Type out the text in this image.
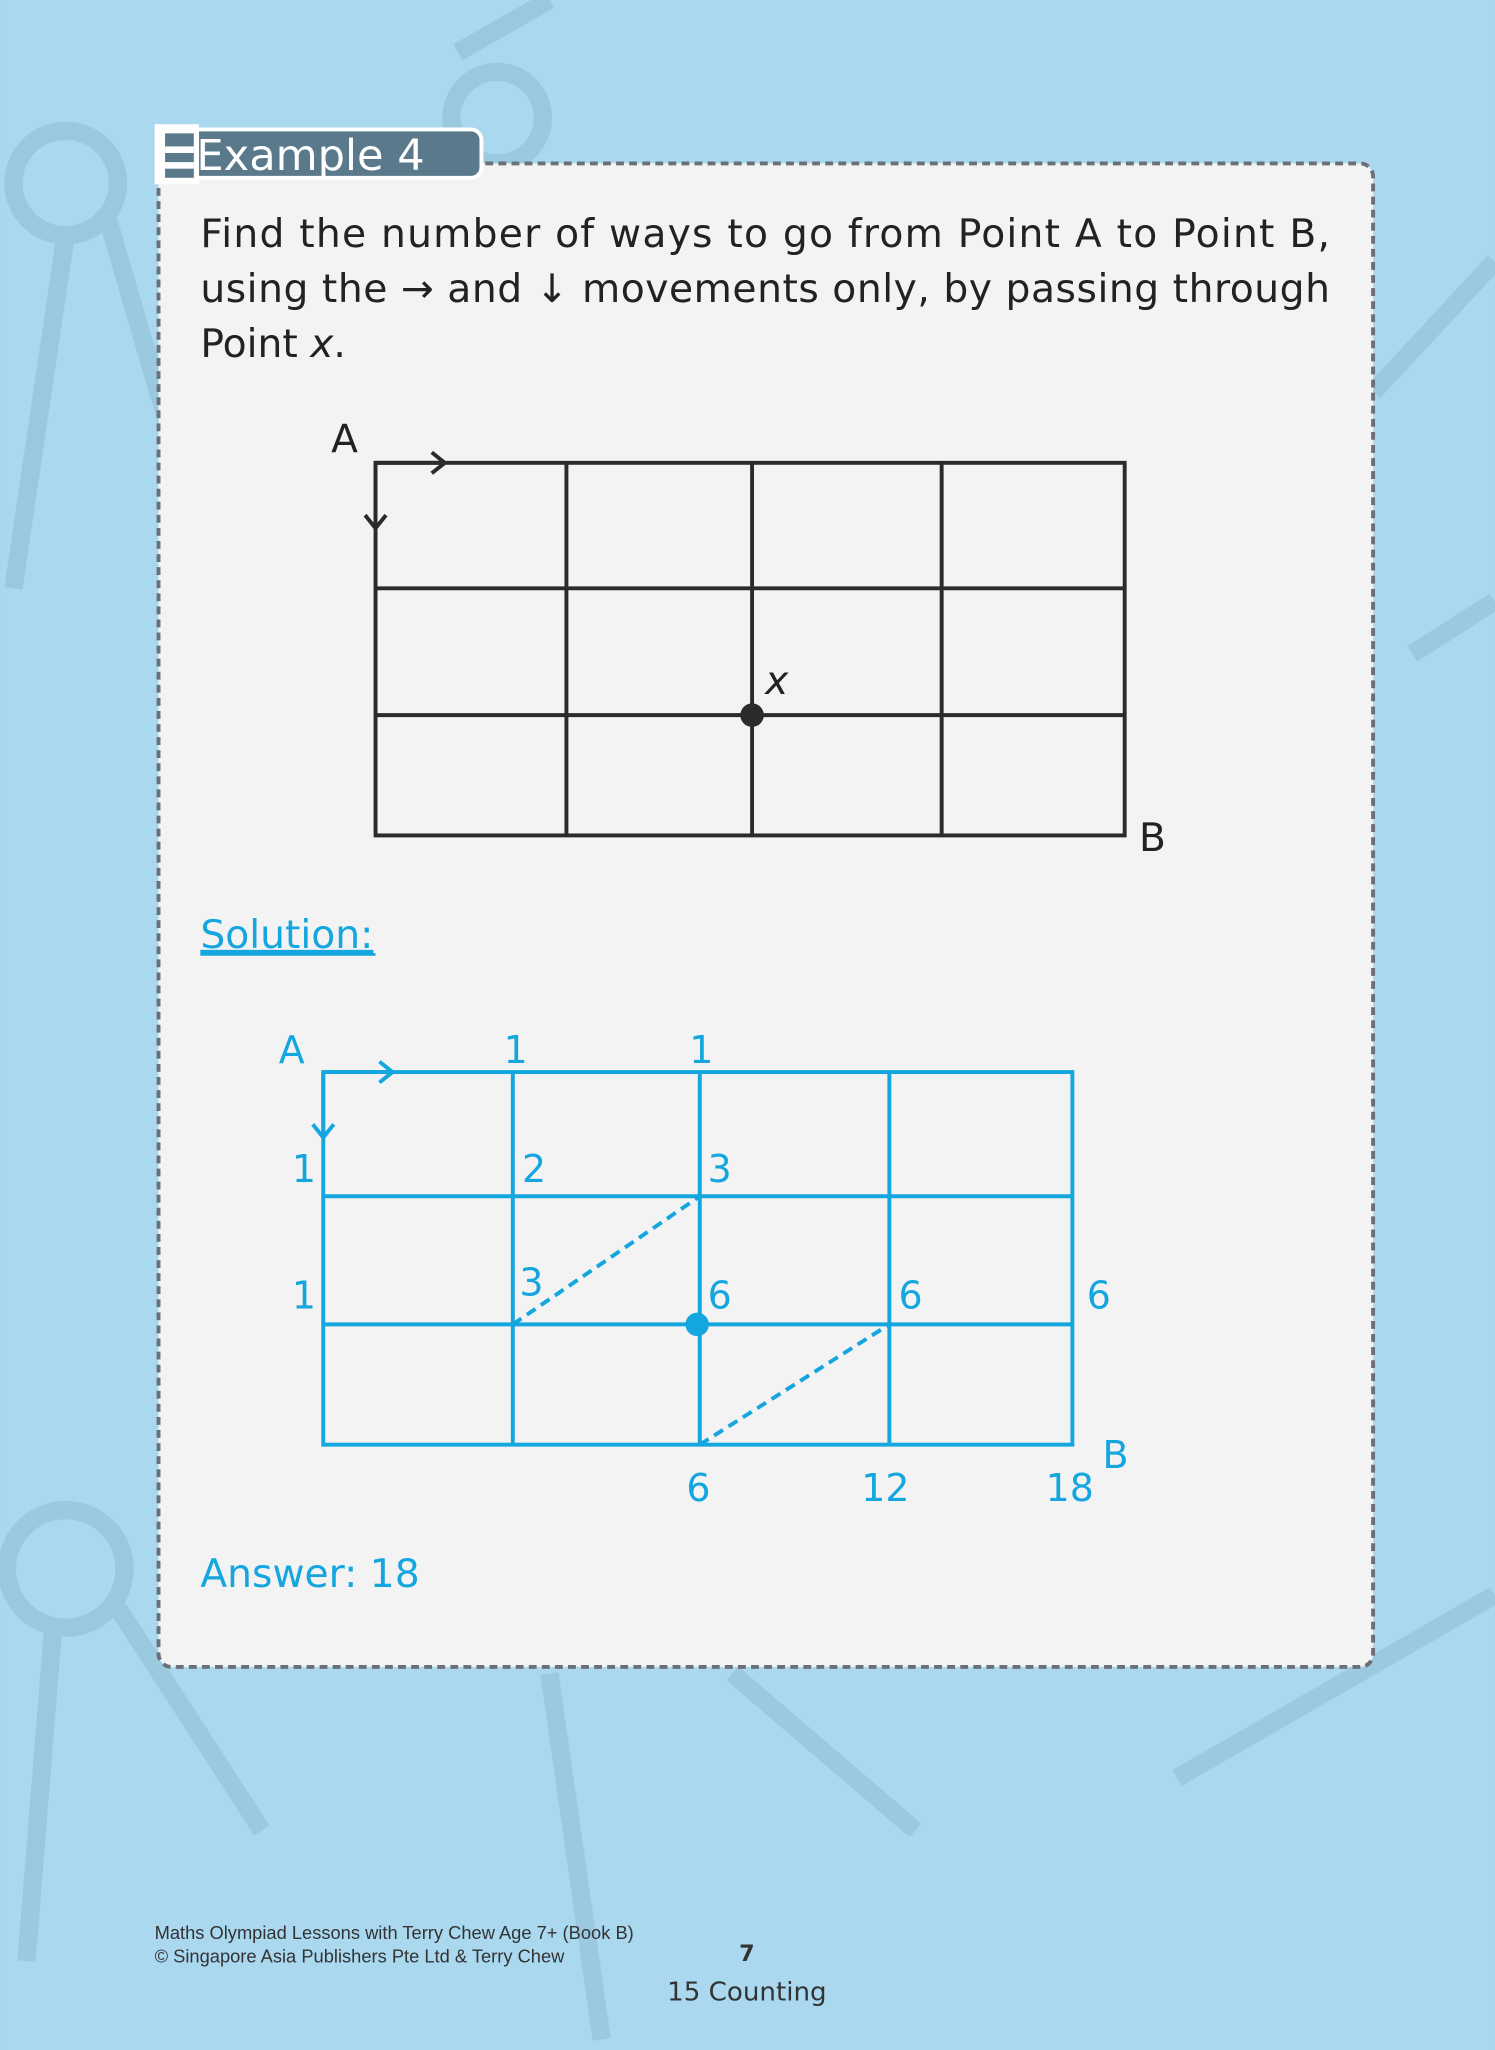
Example 4
Find the number of ways to go from Point A to Point B,
using the → and ↓ movements only, by passing through
Point x.
A
x
B
Solution:
A	1	1
1	2	3
1	3	6	6	6
B
6	12	18
Answer: 18
Maths Olympiad Lessons with Terry Chew Age 7+ (Book B)
© Singapore Asia Publishers Pte Ltd & Terry Chew	7
15 Counting
